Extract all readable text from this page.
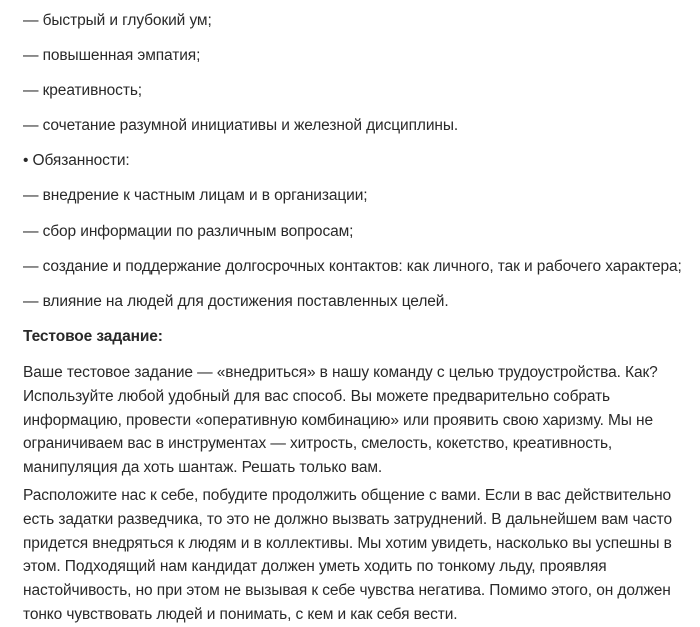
— быстрый и глубокий ум;
— повышенная эмпатия;
— креативность;
— сочетание разумной инициативы и железной дисциплины.
• Обязанности:
— внедрение к частным лицам и в организации;
— сбор информации по различным вопросам;
— создание и поддержание долгосрочных контактов: как личного, так и рабочего характера;
— влияние на людей для достижения поставленных целей.
Тестовое задание:
Ваше тестовое задание — «внедриться» в нашу команду с целью трудоустройства. Как?
Используйте любой удобный для вас способ. Вы можете предварительно собрать
информацию, провести «оперативную комбинацию» или проявить свою харизму. Мы не
ограничиваем вас в инструментах — хитрость, смелость, кокетство, креативность,
манипуляция да хоть шантаж. Решать только вам.
Расположите нас к себе, побудите продолжить общение с вами. Если в вас действительно
есть задатки разведчика, то это не должно вызвать затруднений. В дальнейшем вам часто
придется внедряться к людям и в коллективы. Мы хотим увидеть, насколько вы успешны в
этом. Подходящий нам кандидат должен уметь ходить по тонкому льду, проявляя
настойчивость, но при этом не вызывая к себе чувства негатива. Помимо этого, он должен
тонко чувствовать людей и понимать, с кем и как себя вести.
